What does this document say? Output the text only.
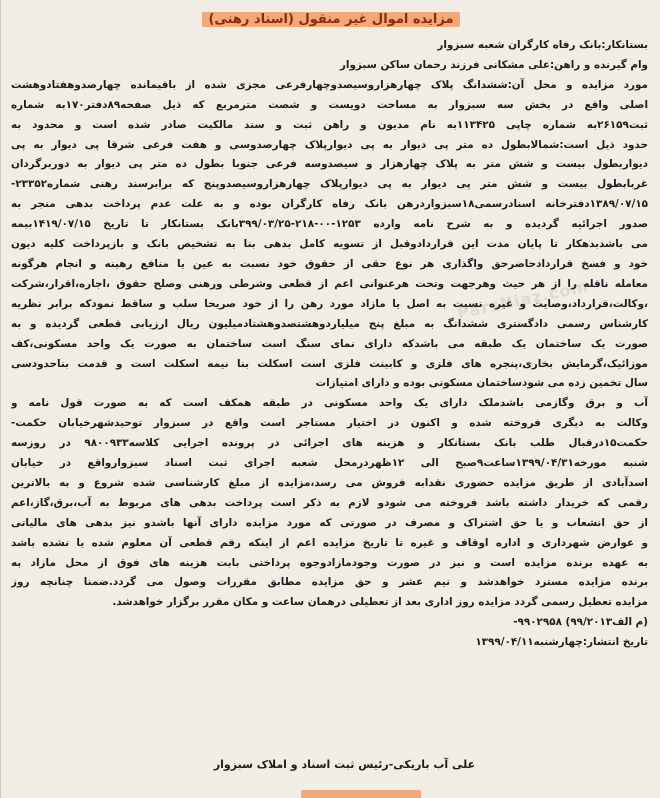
مزایده اموال غیر منقول (اسناد رهنی)
ParsNiaz.com
بستانکار:بانک رفاه کارگران شعبه سبزوار
وام گیرنده و راهن:علی مشکانی فرزند رحمان ساکن سبزوار
مورد مزایده و محل آن:ششدانگ پلاک چهارهزاروسیصدوچهارفرعی مجزی شده از باقیمانده چهارصدوهفتادوهشت
اصلی واقع در بخش سه سبزوار به مساحت دویست و شصت مترمربع که ذیل صفحه۸۹دفتر۱۷۰به شماره
ثبت۲۶۱۵۹به شماره چاپی ۱۱۳۴۲۵به نام مدیون و راهن ثبت و سند مالکیت صادر شده است و محدود به
حدود ذیل است:شمالابطول ده متر پی دیوار به پی دیوارپلاک چهارصدوسی و هفت فرعی شرقا پی دیوار به پی
دیواربطول بیست و شش متر به پلاک چهارهزار و سیصدوسه فرعی جنوبا بطول ده متر پی دیوار به دوربرگردان
غربابطول بیست و شش متر پی دیوار به پی دیوارپلاک چهارهزاروسیصدوپنج که برابرسند رهنی شماره۲۳۳۵۲-
۱۳۸۹/۰۷/۱۵دفترخانه اسنادرسمی۱۸سبزواردرهن بانک رفاه کارگران بوده و به علت عدم پرداخت بدهی منجر به
صدور اجرائیه گردیده و به شرح نامه وارده ۱۲۵۳-۰۰-۲۱۸-۳۹۹/۰۳/۲۵بانک بستانکار تا تاریخ ۱۴۱۹/۰۷/۱۵بیمه
می باشدبدهکار تا پایان مدت این قراردادوقبل از تسویه کامل بدهی بنا به تشخیص بانک و بازپرداخت کلیه دیون
خود و فسخ قراردادحاضرحق واگذاری هر نوع حقی از حقوق خود نسبت به عین یا منافع رهینه و انجام هرگونه
معامله ناقله را از هر حیث وهرجهت وتحت هرعنوانی اعم از قطعی وشرطی ورهنی وصلح حقوق ،اجاره،اقرار،شرکت
،وکالت،قرارداد،وصایت و غیره نسبت به اصل یا مازاد مورد رهن را از خود صریحا سلب و ساقط نمودکه برابر نظریه
کارشناس رسمی دادگستری ششدانگ به مبلغ پنج میلیاردوهشتصدوهشتادمیلیون ریال ارزیابی قطعی گردیده و به
صورت یک ساختمان یک طبقه می باشدکه دارای نمای سنگ است ساختمان به صورت یک واحد مسکونی،کف
موزائیک،گرمایش بخاری،پنجره های فلزی و کابینت فلزی است اسکلت بنا نیمه اسکلت است و قدمت بناحدودسی
سال تخمین زده می شودساختمان مسکونی بوده و دارای امتیازات
آب و برق وگازمی باشدملک دارای یک واحد مسکونی در طبقه همکف است که به صورت قول نامه و
وکالت به دیگری فروخته شده و اکنون در اختیار مستاجر است واقع در سبزوار توحیدشهرخیابان حکمت-
حکمت۱۵درقبال طلب بانک بستانکار و هزینه های اجرائی در پرونده اجرایی کلاسه۹۸۰۰۹۳۳ در روزسه
شنبه مورخه۱۳۹۹/۰۴/۳۱ساعت۹صبح الی ۱۲ظهردرمحل شعبه اجرای ثبت اسناد سبزوارواقع در خیابان
اسدآبادی از طریق مزایده حضوری نقدابه فروش می رسد،مزایده از مبلغ کارشناسی شده شروع و به بالاترین
رقمی که خریدار داشته باشد فروخته می شودو لازم به ذکر است پرداخت بدهی های مربوط به آب،برق،گاز،اعم
از حق انشعاب و یا حق اشتراک و مصرف در صورتی که مورد مزایده دارای آنها باشدو نیز بدهی های مالیاتی
و عوارض شهرداری و اداره اوقاف و غیره تا تاریخ مزایده اعم از اینکه رقم قطعی آن معلوم شده یا نشده باشد
به عهده برنده مزایده است و نیز در صورت وجودمازادوجوه پرداختی بابت هزینه های فوق از محل مازاد به
برنده مزایده مسترد خواهدشد و نیم عشر و حق مزایده مطابق مقررات وصول می گردد.ضمنا چنانچه روز
مزایده تعطیل رسمی گردد مزایده روز اداری بعد از تعطیلی درهمان ساعت و مکان مقرر برگزار خواهدشد.
(م الف۹۹/۲۰۱۳) ۹۹۰۲۹۵۸-
تاریخ انتشار:چهارشنبه۱۳۹۹/۰۴/۱۱
علی آب باریکی-رئیس ثبت اسناد و املاک سبزوار
